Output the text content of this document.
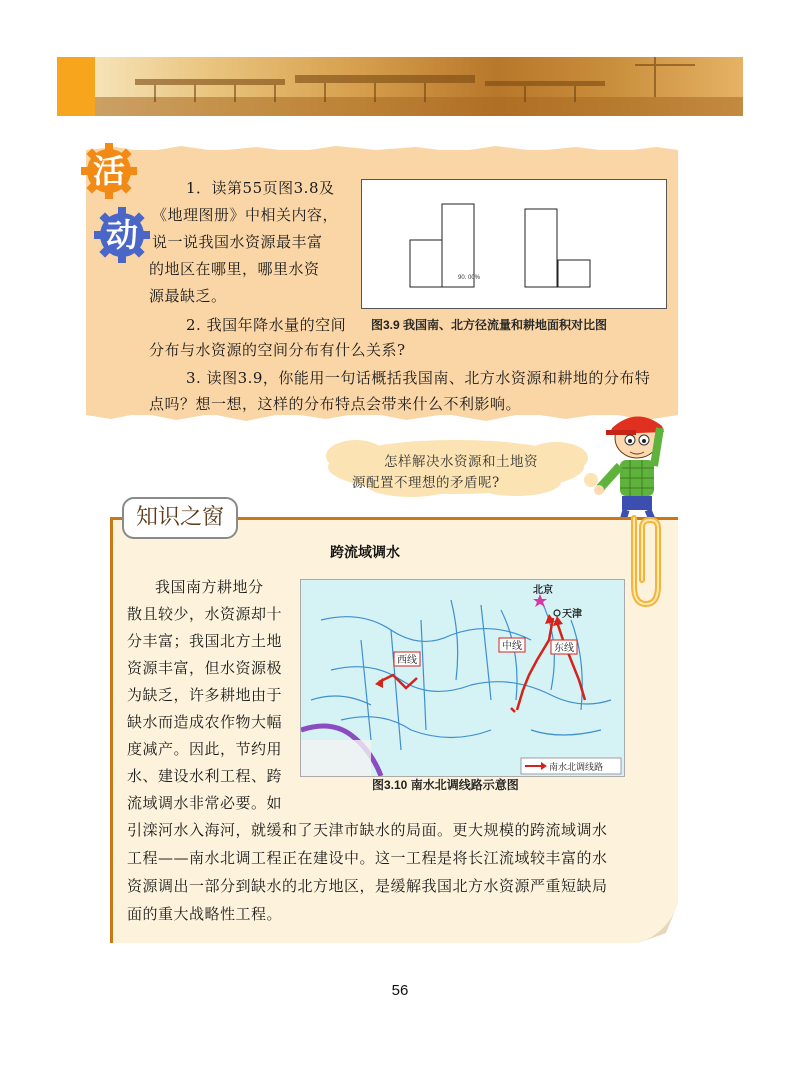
活
动
1．读第55页图3.8及
《地理图册》中相关内容，
说一说我国水资源最丰富
的地区在哪里，哪里水资
源最缺乏。
2. 我国年降水量的空间
分布与水资源的空间分布有什么关系?
3. 读图3.9，你能用一句话概括我国南、北方水资源和耕地的分布特
点吗？想一想，这样的分布特点会带来什么不利影响。
90. 00%
图3.9 我国南、北方径流量和耕地面积对比图
怎样解决水资源和土地资
源配置不理想的矛盾呢?
知识之窗
跨流域调水
我国南方耕地分
散且较少，水资源却十
分丰富；我国北方土地
资源丰富，但水资源极
为缺乏，许多耕地由于
缺水而造成农作物大幅
度减产。因此，节约用
水、建设水利工程、跨
流域调水非常必要。如
引滦河水入海河，就缓和了天津市缺水的局面。更大规模的跨流域调水
工程——南水北调工程正在建设中。这一工程是将长江流域较丰富的水
资源调出一部分到缺水的北方地区，是缓解我国北方水资源严重短缺局
面的重大战略性工程。
北京
天津
西线
中线	东线
南水北调线路
图3.10 南水北调线路示意图
56
